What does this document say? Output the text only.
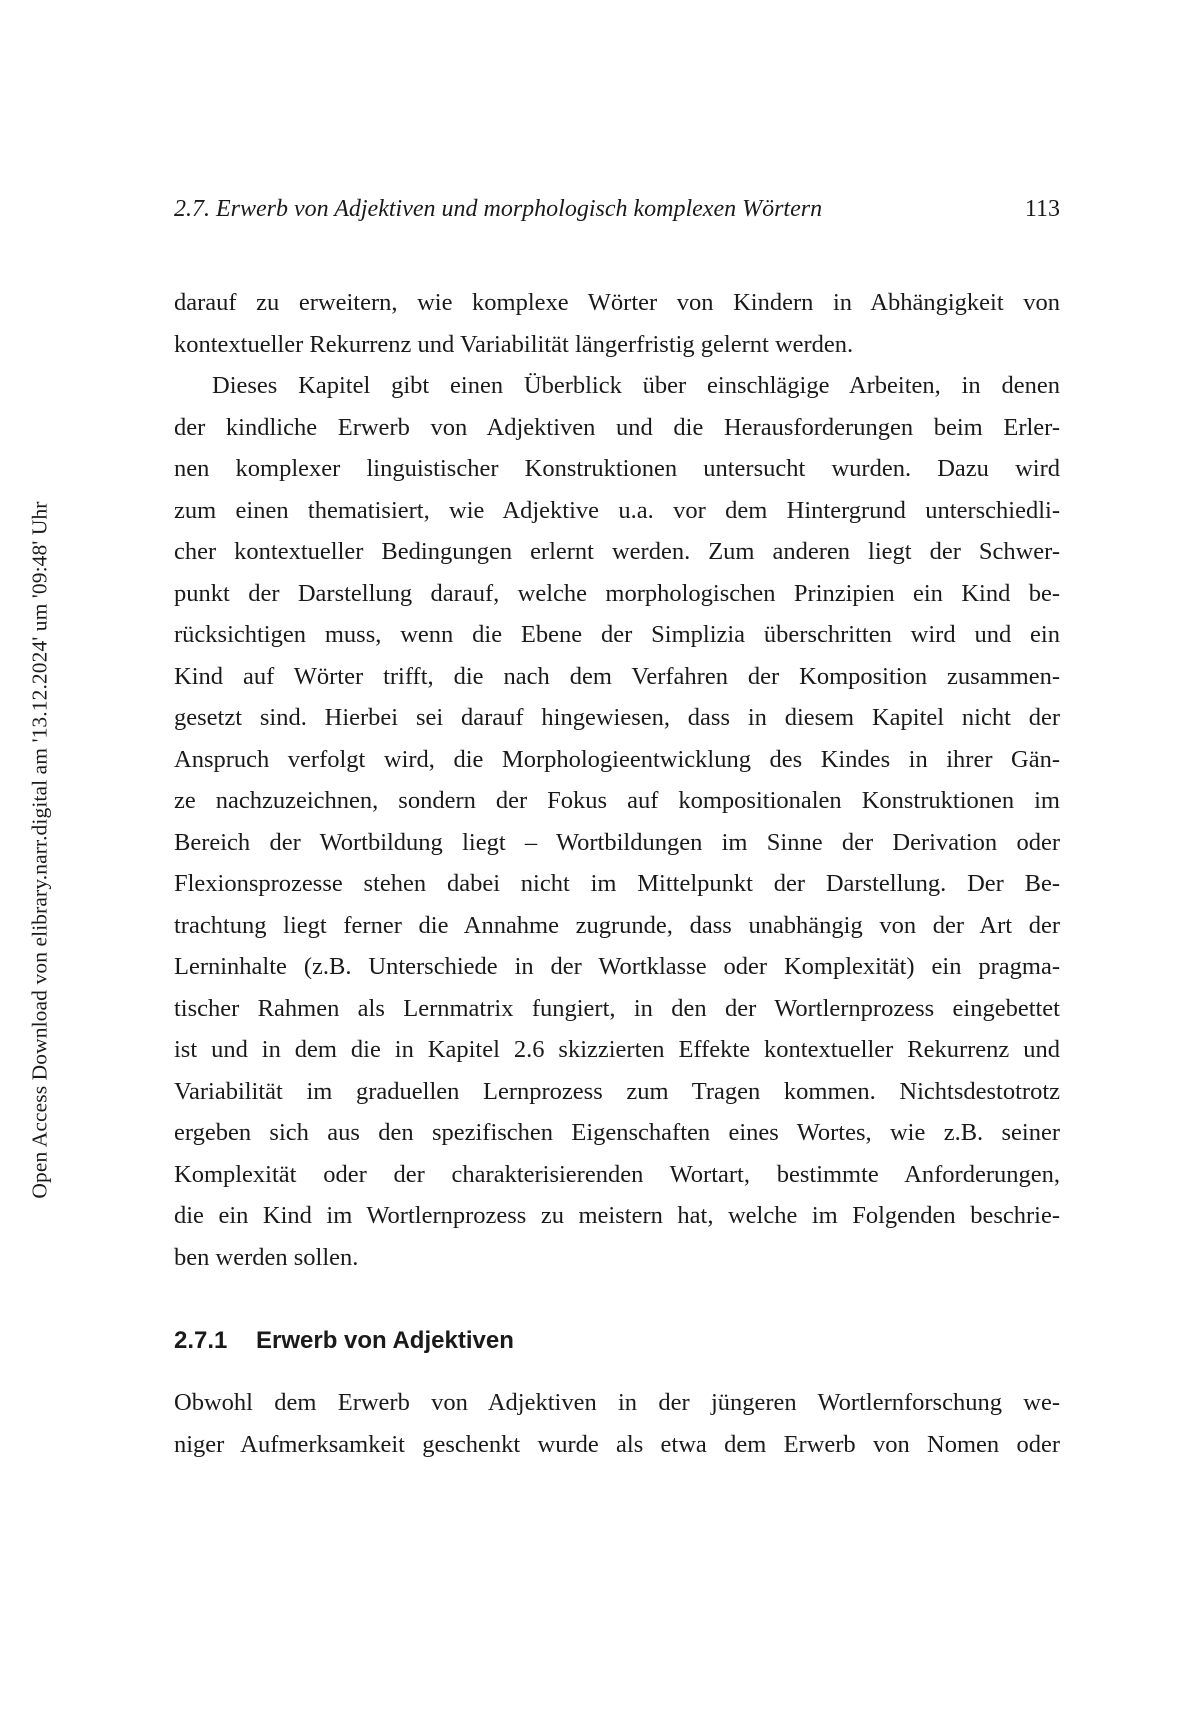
Open Access Download von elibrary.narr.digital am '13.12.2024' um '09:48' Uhr
2.7. Erwerb von Adjektiven und morphologisch komplexen Wörtern	113
darauf zu erweitern, wie komplexe Wörter von Kindern in Abhängigkeit von
kontextueller Rekurrenz und Variabilität längerfristig gelernt werden.
Dieses Kapitel gibt einen Überblick über einschlägige Arbeiten, in denen
der kindliche Erwerb von Adjektiven und die Herausforderungen beim Erler-
nen komplexer linguistischer Konstruktionen untersucht wurden. Dazu wird
zum einen thematisiert, wie Adjektive u.a. vor dem Hintergrund unterschiedli-
cher kontextueller Bedingungen erlernt werden. Zum anderen liegt der Schwer-
punkt der Darstellung darauf, welche morphologischen Prinzipien ein Kind be-
rücksichtigen muss, wenn die Ebene der Simplizia überschritten wird und ein
Kind auf Wörter trifft, die nach dem Verfahren der Komposition zusammen-
gesetzt sind. Hierbei sei darauf hingewiesen, dass in diesem Kapitel nicht der
Anspruch verfolgt wird, die Morphologieentwicklung des Kindes in ihrer Gän-
ze nachzuzeichnen, sondern der Fokus auf kompositionalen Konstruktionen im
Bereich der Wortbildung liegt – Wortbildungen im Sinne der Derivation oder
Flexionsprozesse stehen dabei nicht im Mittelpunkt der Darstellung. Der Be-
trachtung liegt ferner die Annahme zugrunde, dass unabhängig von der Art der
Lerninhalte (z.B. Unterschiede in der Wortklasse oder Komplexität) ein pragma-
tischer Rahmen als Lernmatrix fungiert, in den der Wortlernprozess eingebettet
ist und in dem die in Kapitel 2.6 skizzierten Effekte kontextueller Rekurrenz und
Variabilität im graduellen Lernprozess zum Tragen kommen. Nichtsdestotrotz
ergeben sich aus den spezifischen Eigenschaften eines Wortes, wie z.B. seiner
Komplexität oder der charakterisierenden Wortart, bestimmte Anforderungen,
die ein Kind im Wortlernprozess zu meistern hat, welche im Folgenden beschrie-
ben werden sollen.
2.7.1 Erwerb von Adjektiven
Obwohl dem Erwerb von Adjektiven in der jüngeren Wortlernforschung we-
niger Aufmerksamkeit geschenkt wurde als etwa dem Erwerb von Nomen oder
